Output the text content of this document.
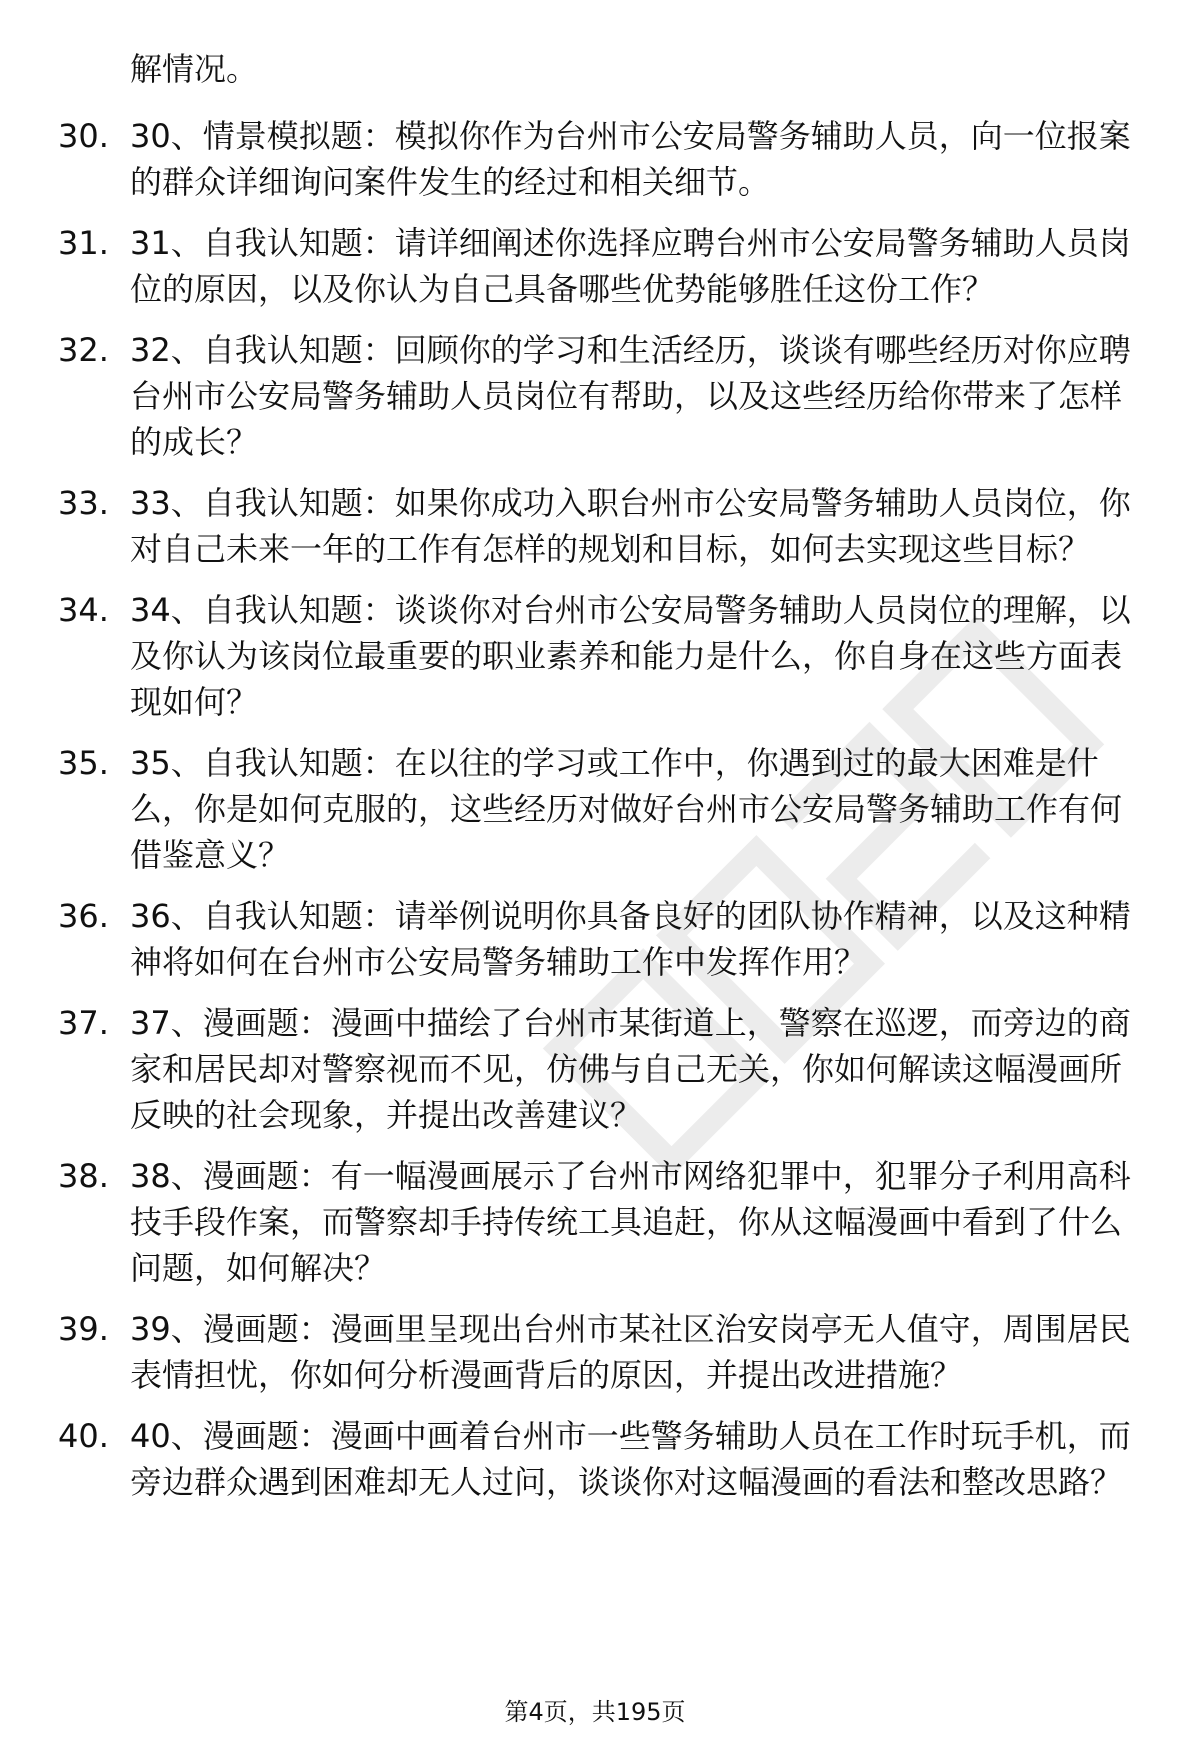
解情况。

30. 30、情景模拟题：模拟你作为台州市公安局警务辅助人员，向一位报案的群众详细询问案件发生的经过和相关细节。
31. 31、自我认知题：请详细阐述你选择应聘台州市公安局警务辅助人员岗位的原因，以及你认为自己具备哪些优势能够胜任这份工作？
32. 32、自我认知题：回顾你的学习和生活经历，谈谈有哪些经历对你应聘台州市公安局警务辅助人员岗位有帮助，以及这些经历给你带来了怎样的成长？
33. 33、自我认知题：如果你成功入职台州市公安局警务辅助人员岗位，你对自己未来一年的工作有怎样的规划和目标，如何去实现这些目标？
34. 34、自我认知题：谈谈你对台州市公安局警务辅助人员岗位的理解，以及你认为该岗位最重要的职业素养和能力是什么，你自身在这些方面表现如何？
35. 35、自我认知题：在以往的学习或工作中，你遇到过的最大困难是什么，你是如何克服的，这些经历对做好台州市公安局警务辅助工作有何借鉴意义？
36. 36、自我认知题：请举例说明你具备良好的团队协作精神，以及这种精神将如何在台州市公安局警务辅助工作中发挥作用？
37. 37、漫画题：漫画中描绘了台州市某街道上，警察在巡逻，而旁边的商家和居民却对警察视而不见，仿佛与自己无关，你如何解读这幅漫画所反映的社会现象，并提出改善建议？
38. 38、漫画题：有一幅漫画展示了台州市网络犯罪中，犯罪分子利用高科技手段作案，而警察却手持传统工具追赶，你从这幅漫画中看到了什么问题，如何解决？
39. 39、漫画题：漫画里呈现出台州市某社区治安岗亭无人值守，周围居民表情担忧，你如何分析漫画背后的原因，并提出改进措施？
40. 40、漫画题：漫画中画着台州市一些警务辅助人员在工作时玩手机，而旁边群众遇到困难却无人过问，谈谈你对这幅漫画的看法和整改思路？
第4页，共195页
